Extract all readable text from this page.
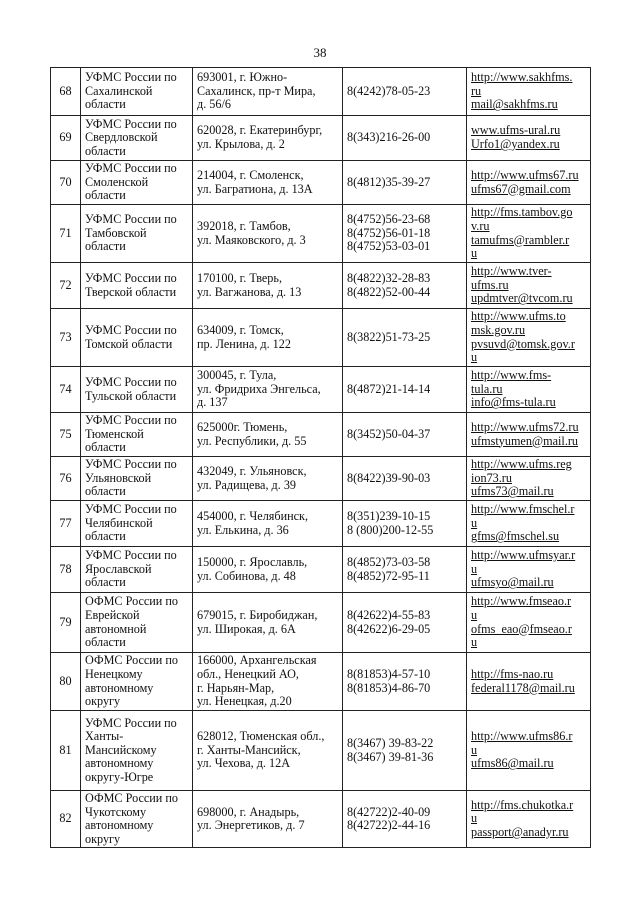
38
68	УФМС России по
Сахалинской
области	693001, г. Южно-
Сахалинск, пр-т Мира,
д. 56/6	8(4242)78-05-23	http://www.sakhfms.
ru
mail@sakhfms.ru

69	УФМС России по
Свердловской
области	620028, г. Екатеринбург,
ул. Крылова, д. 2	8(343)216-26-00	www.ufms-ural.ru
Urfo1@yandex.ru

70	УФМС России по
Смоленской
области	214004, г. Смоленск,
ул. Багратиона, д. 13А	8(4812)35-39-27	http://www.ufms67.ru
ufms67@gmail.com

71	УФМС России по
Тамбовской
области	392018, г. Тамбов,
ул. Маяковского, д. 3	8(4752)56-23-68
8(4752)56-01-18
8(4752)53-03-01	http://fms.tambov.go
v.ru
tamufms@rambler.r
u

72	УФМС России по
Тверской области	170100, г. Тверь,
ул. Вагжанова, д. 13	8(4822)32-28-83
8(4822)52-00-44	http://www.tver-
ufms.ru
updmtver@tvcom.ru

73	УФМС России по
Томской области	634009, г. Томск,
пр. Ленина, д. 122	8(3822)51-73-25	http://www.ufms.to
msk.gov.ru
pvsuvd@tomsk.gov.r
u

74	УФМС России по
Тульской области	300045, г. Тула,
ул. Фридриха Энгельса,
д. 137	8(4872)21-14-14	http://www.fms-
tula.ru
info@fms-tula.ru

75	УФМС России по
Тюменской
области	625000г. Тюмень,
ул. Республики, д. 55	8(3452)50-04-37	http://www.ufms72.ru
ufmstyumen@mail.ru

76	УФМС России по
Ульяновской
области	432049, г. Ульяновск,
ул. Радищева, д. 39	8(8422)39-90-03	http://www.ufms.reg
ion73.ru
ufms73@mail.ru

77	УФМС России по
Челябинской
области	454000, г. Челябинск,
ул. Елькина, д. 36	8(351)239-10-15
8 (800)200-12-55	http://www.fmschel.r
u
gfms@fmschel.su

78	УФМС России по
Ярославской
области	150000, г. Ярославль,
ул. Собинова, д. 48	8(4852)73-03-58
8(4852)72-95-11	http://www.ufmsyar.r
u
ufmsyo@mail.ru

79	ОФМС России по
Еврейской
автономной
области	679015, г. Биробиджан,
ул. Широкая, д. 6А	8(42622)4-55-83
8(42622)6-29-05	http://www.fmseao.r
u
ofms_eao@fmseao.r
u

80	ОФМС России по
Ненецкому
автономному
округу	166000, Архангельская
обл., Ненецкий АО,
г. Нарьян-Мар,
ул. Ненецкая, д.20	8(81853)4-57-10
8(81853)4-86-70	http://fms-nao.ru
federal1178@mail.ru

81	УФМС России по
Ханты-
Мансийскому
автономному
округу-Югре	628012, Тюменская обл.,
г. Ханты-Мансийск,
ул. Чехова, д. 12А	8(3467) 39-83-22
8(3467) 39-81-36	http://www.ufms86.r
u
ufms86@mail.ru

82	ОФМС России по
Чукотскому
автономному
округу	698000, г. Анадырь,
ул. Энергетиков, д. 7	8(42722)2-40-09
8(42722)2-44-16	http://fms.chukotka.r
u
passport@anadyr.ru
